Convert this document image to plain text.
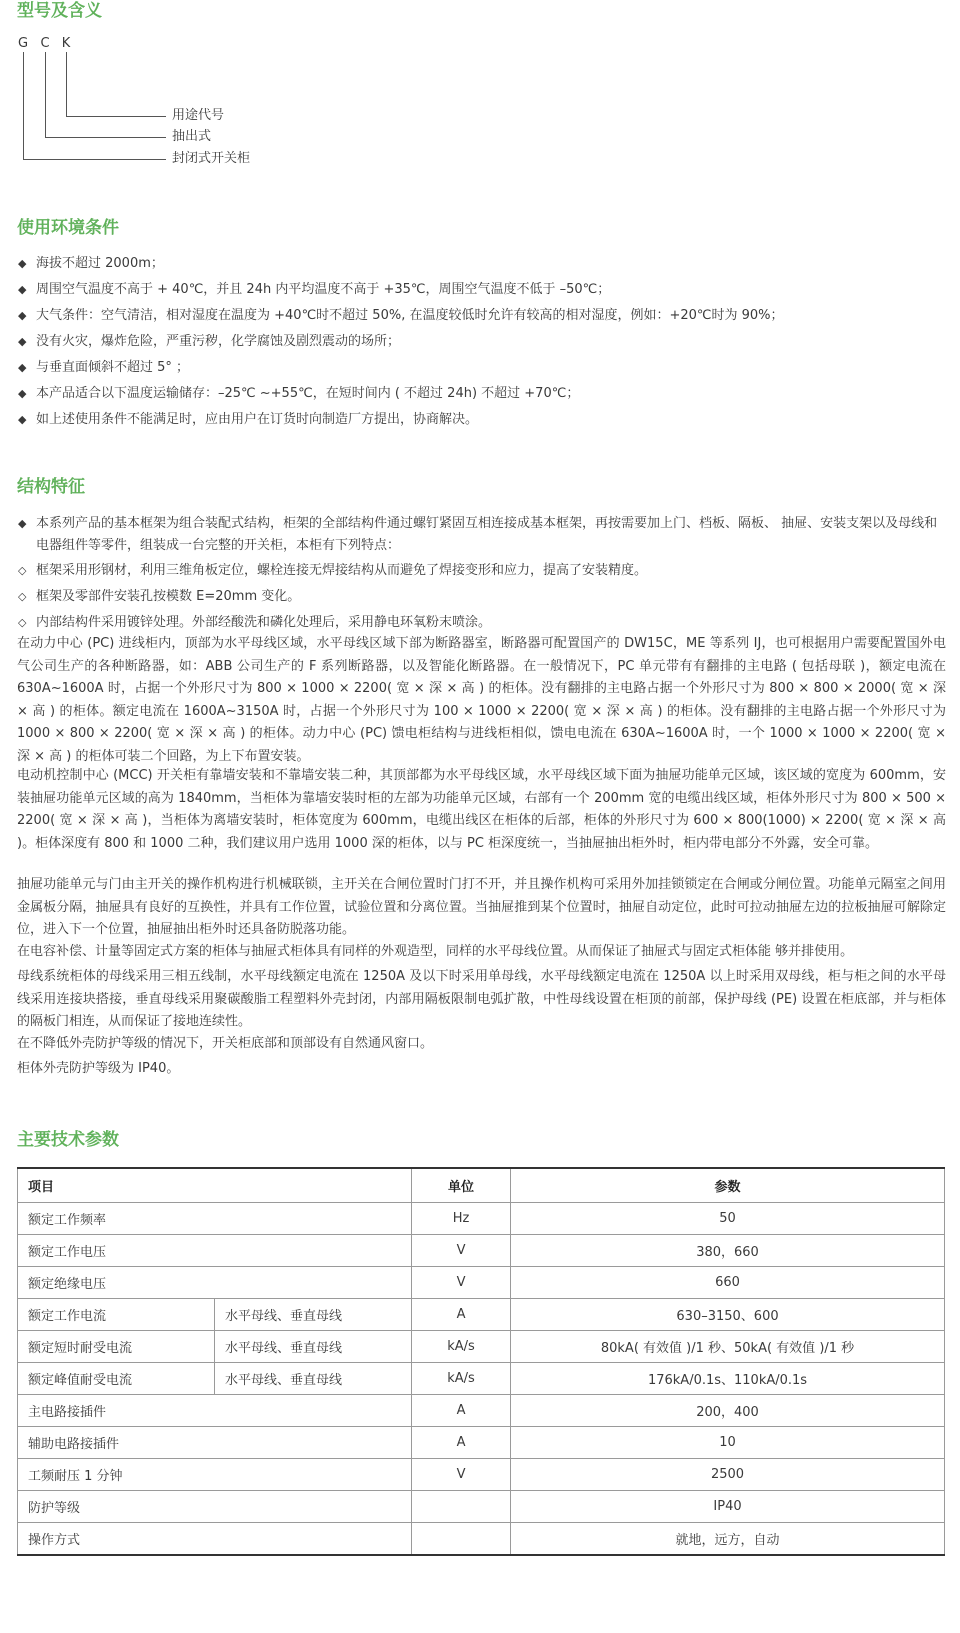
型号及含义
G C K
用途代号
抽出式
封闭式开关柜
使用环境条件
◆ 海拔不超过 2000m；
◆ 周围空气温度不高于 + 40℃，并且 24h 内平均温度不高于 +35℃，周围空气温度不低于 –50℃；
◆ 大气条件：空气清洁，相对湿度在温度为 +40℃时不超过 50%, 在温度较低时允许有较高的相对湿度，例如：+20℃时为 90%；
◆ 没有火灾，爆炸危险，严重污秽，化学腐蚀及剧烈震动的场所；
◆ 与垂直面倾斜不超过 5° ；
◆ 本产品适合以下温度运输储存：–25℃ ~+55℃，在短时间内 ( 不超过 24h) 不超过 +70℃；
◆ 如上述使用条件不能满足时，应由用户在订货时向制造厂方提出，协商解决。
结构特征
◆ 本系列产品的基本框架为组合装配式结构，柜架的全部结构件通过螺钉紧固互相连接成基本框架，再按需要加上门、档板、隔板、 抽屉、安装支架以及母线和电器组件等零件，组装成一台完整的开关柜，本柜有下列特点：
◇ 框架采用形钢材，利用三维角板定位，螺栓连接无焊接结构从而避免了焊接变形和应力，提高了安装精度。
◇ 框架及零部件安装孔按模数 E=20mm 变化。
◇ 内部结构件采用镀锌处理。外部经酸洗和磷化处理后，采用静电环氧粉末喷涂。

在动力中心 (PC) 进线柜内，顶部为水平母线区域，水平母线区域下部为断路器室，断路器可配置国产的 DW15C，ME 等系列 IJ，也可根据用户需要配置国外电气公司生产的各种断路器，如：ABB 公司生产的 F 系列断路器，以及智能化断路器。在一般情况下，PC 单元带有有翻排的主电路 ( 包括母联 )，额定电流在 630A~1600A 时，占据一个外形尺寸为 800 × 1000 × 2200( 宽 × 深 × 高 ) 的柜体。没有翻排的主电路占据一个外形尺寸为 800 × 800 × 2000( 宽 × 深 × 高 ) 的柜体。额定电流在 1600A~3150A 时，占据一个外形尺寸为 100 × 1000 × 2200( 宽 × 深 × 高 ) 的柜体。没有翻排的主电路占据一个外形尺寸为 1000 × 800 × 2200( 宽 × 深 × 高 ) 的柜体。动力中心 (PC) 馈电柜结构与进线柜相似，馈电电流在 630A~1600A 时，一个 1000 × 1000 × 2200( 宽 × 深 × 高 ) 的柜体可装二个回路，为上下布置安装。

电动机控制中心 (MCC) 开关柜有靠墙安装和不靠墙安装二种，其顶部都为水平母线区域，水平母线区域下面为抽屉功能单元区域，该区域的宽度为 600mm，安装抽屉功能单元区域的高为 1840mm，当柜体为靠墙安装时柜的左部为功能单元区域，右部有一个 200mm 宽的电缆出线区域，柜体外形尺寸为 800 × 500 × 2200( 宽 × 深 × 高 )，当柜体为离墙安装时，柜体宽度为 600mm，电缆出线区在柜体的后部，柜体的外形尺寸为 600 × 800(1000) × 2200( 宽 × 深 × 高 )。柜体深度有 800 和 1000 二种，我们建议用户选用 1000 深的柜体，以与 PC 柜深度统一，当抽屉抽出柜外时，柜内带电部分不外露，安全可靠。

抽屉功能单元与门由主开关的操作机构进行机械联锁，主开关在合闸位置时门打不开，并且操作机构可采用外加挂锁锁定在合闸或分闸位置。功能单元隔室之间用金属板分隔，抽屉具有良好的互换性，并具有工作位置，试验位置和分离位置。当抽屉推到某个位置时，抽屉自动定位，此时可拉动抽屉左边的拉板抽屉可解除定位，进入下一个位置，抽屉抽出柜外时还具备防脱落功能。

在电容补偿、计量等固定式方案的柜体与抽屉式柜体具有同样的外观造型，同样的水平母线位置。从而保证了抽屉式与固定式柜体能 够并排使用。

母线系统柜体的母线采用三相五线制，水平母线额定电流在 1250A 及以下时采用单母线，水平母线额定电流在 1250A 以上时采用双母线，柜与柜之间的水平母线采用连接块搭接，垂直母线采用聚碳酸脂工程塑料外壳封闭，内部用隔板限制电弧扩散，中性母线设置在柜顶的前部，保护母线 (PE) 设置在柜底部，并与柜体的隔板门相连，从而保证了接地连续性。

在不降低外壳防护等级的情况下，开关柜底部和顶部设有自然通风窗口。

柜体外壳防护等级为 IP40。

主要技术参数
项目		单位	参数
额定工作频率		Hz	50
额定工作电压		V	380，660
额定绝缘电压		V	660
额定工作电流	水平母线、垂直母线	A	630–3150、600
额定短时耐受电流	水平母线、垂直母线	kA/s	80kA( 有效值 )/1 秒、50kA( 有效值 )/1 秒
额定峰值耐受电流	水平母线、垂直母线	kA/s	176kA/0.1s、110kA/0.1s
主电路接插件		A	200，400
辅助电路接插件		A	10
工频耐压 1 分钟		V	2500
防护等级			IP40
操作方式			就地，远方，自动
